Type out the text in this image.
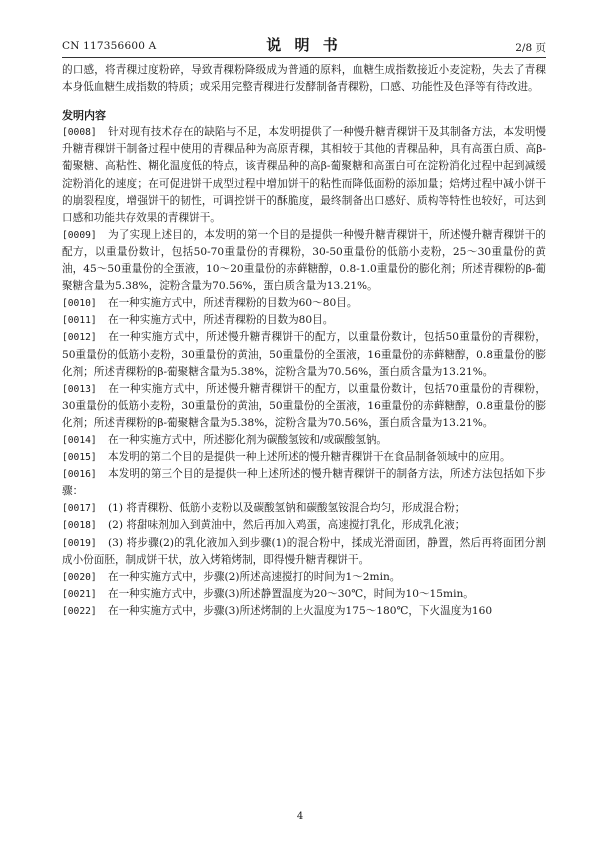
CN 117356600 A	说 明 书	2/8 页

的口感，将青稞过度粉碎，导致青稞粉降级成为普通的原料，血糖生成指数接近小麦淀粉，失去了青稞本身低血糖生成指数的特质；或采用完整青稞进行发酵制备青稞粉，口感、功能性及色泽等有待改进。

发明内容

[0008] 针对现有技术存在的缺陷与不足，本发明提供了一种慢升糖青稞饼干及其制备方法，本发明慢升糖青稞饼干制备过程中使用的青稞品种为高原青稞，其相较于其他的青稞品种，具有高蛋白质、高β-葡聚糖、高粘性、糊化温度低的特点，该青稞品种的高β-葡聚糖和高蛋白可在淀粉消化过程中起到减缓淀粉消化的速度；在可促进饼干成型过程中增加饼干的粘性而降低面粉的添加量；焙烤过程中减小饼干的崩裂程度，增强饼干的韧性，可调控饼干的酥脆度，最终制备出口感好、质构等特性也较好，可达到口感和功能共存效果的青稞饼干。

[0009] 为了实现上述目的，本发明的第一个目的是提供一种慢升糖青稞饼干，所述慢升糖青稞饼干的配方，以重量份数计，包括50-70重量份的青稞粉，30-50重量份的低筋小麦粉，25～30重量份的黄油，45～50重量份的全蛋液，10～20重量份的赤藓糖醇，0.8-1.0重量份的膨化剂；所述青稞粉的β-葡聚糖含量为5.38%，淀粉含量为70.56%，蛋白质含量为13.21%。

[0010] 在一种实施方式中，所述青稞粉的目数为60～80目。

[0011] 在一种实施方式中，所述青稞粉的目数为80目。

[0012] 在一种实施方式中，所述慢升糖青稞饼干的配方，以重量份数计，包括50重量份的青稞粉，50重量份的低筋小麦粉，30重量份的黄油，50重量份的全蛋液，16重量份的赤藓糖醇，0.8重量份的膨化剂；所述青稞粉的β-葡聚糖含量为5.38%，淀粉含量为70.56%，蛋白质含量为13.21%。

[0013] 在一种实施方式中，所述慢升糖青稞饼干的配方，以重量份数计，包括70重量份的青稞粉，30重量份的低筋小麦粉，30重量份的黄油，50重量份的全蛋液，16重量份的赤藓糖醇，0.8重量份的膨化剂；所述青稞粉的β-葡聚糖含量为5.38%，淀粉含量为70.56%，蛋白质含量为13.21%。

[0014] 在一种实施方式中，所述膨化剂为碳酸氢铵和/或碳酸氢钠。

[0015] 本发明的第二个目的是提供一种上述所述的慢升糖青稞饼干在食品制备领域中的应用。

[0016] 本发明的第三个目的是提供一种上述所述的慢升糖青稞饼干的制备方法，所述方法包括如下步骤：

[0017] (1) 将青稞粉、低筋小麦粉以及碳酸氢钠和碳酸氢铵混合均匀，形成混合粉；

[0018] (2) 将甜味剂加入到黄油中，然后再加入鸡蛋，高速搅打乳化，形成乳化液；

[0019] (3) 将步骤(2)的乳化液加入到步骤(1)的混合粉中，揉成光滑面团，静置，然后再将面团分割成小份面胚，制成饼干状，放入烤箱烤制，即得慢升糖青稞饼干。

[0020] 在一种实施方式中，步骤(2)所述高速搅打的时间为1～2min。

[0021] 在一种实施方式中，步骤(3)所述静置温度为20～30℃，时间为10～15min。

[0022] 在一种实施方式中，步骤(3)所述烤制的上火温度为175～180℃，下火温度为160

4
